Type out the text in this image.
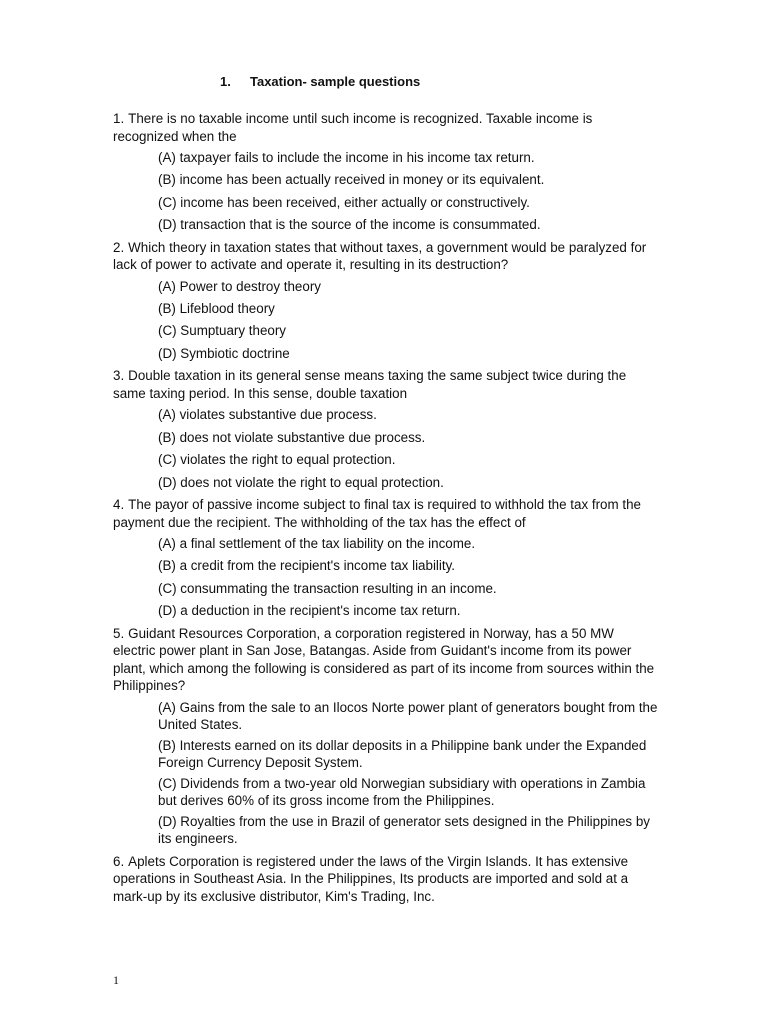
1. Taxation- sample questions

1. There is no taxable income until such income is recognized. Taxable income is recognized when the

(A) taxpayer fails to include the income in his income tax return.
(B) income has been actually received in money or its equivalent.
(C) income has been received, either actually or constructively.
(D) transaction that is the source of the income is consummated.

2. Which theory in taxation states that without taxes, a government would be paralyzed for lack of power to activate and operate it, resulting in its destruction?

(A) Power to destroy theory
(B) Lifeblood theory
(C) Sumptuary theory
(D) Symbiotic doctrine

3. Double taxation in its general sense means taxing the same subject twice during the same taxing period. In this sense, double taxation

(A) violates substantive due process.
(B) does not violate substantive due process.
(C) violates the right to equal protection.
(D) does not violate the right to equal protection.

4. The payor of passive income subject to final tax is required to withhold the tax from the payment due the recipient. The withholding of the tax has the effect of

(A) a final settlement of the tax liability on the income.
(B) a credit from the recipient's income tax liability.
(C) consummating the transaction resulting in an income.
(D) a deduction in the recipient's income tax return.

5. Guidant Resources Corporation, a corporation registered in Norway, has a 50 MW electric power plant in San Jose, Batangas. Aside from Guidant's income from its power plant, which among the following is considered as part of its income from sources within the Philippines?

(A) Gains from the sale to an Ilocos Norte power plant of generators bought from the United States.
(B) Interests earned on its dollar deposits in a Philippine bank under the Expanded Foreign Currency Deposit System.
(C) Dividends from a two-year old Norwegian subsidiary with operations in Zambia but derives 60% of its gross income from the Philippines.
(D) Royalties from the use in Brazil of generator sets designed in the Philippines by its engineers.

6. Aplets Corporation is registered under the laws of the Virgin Islands. It has extensive operations in Southeast Asia. In the Philippines, Its products are imported and sold at a mark-up by its exclusive distributor, Kim's Trading, Inc.

1
